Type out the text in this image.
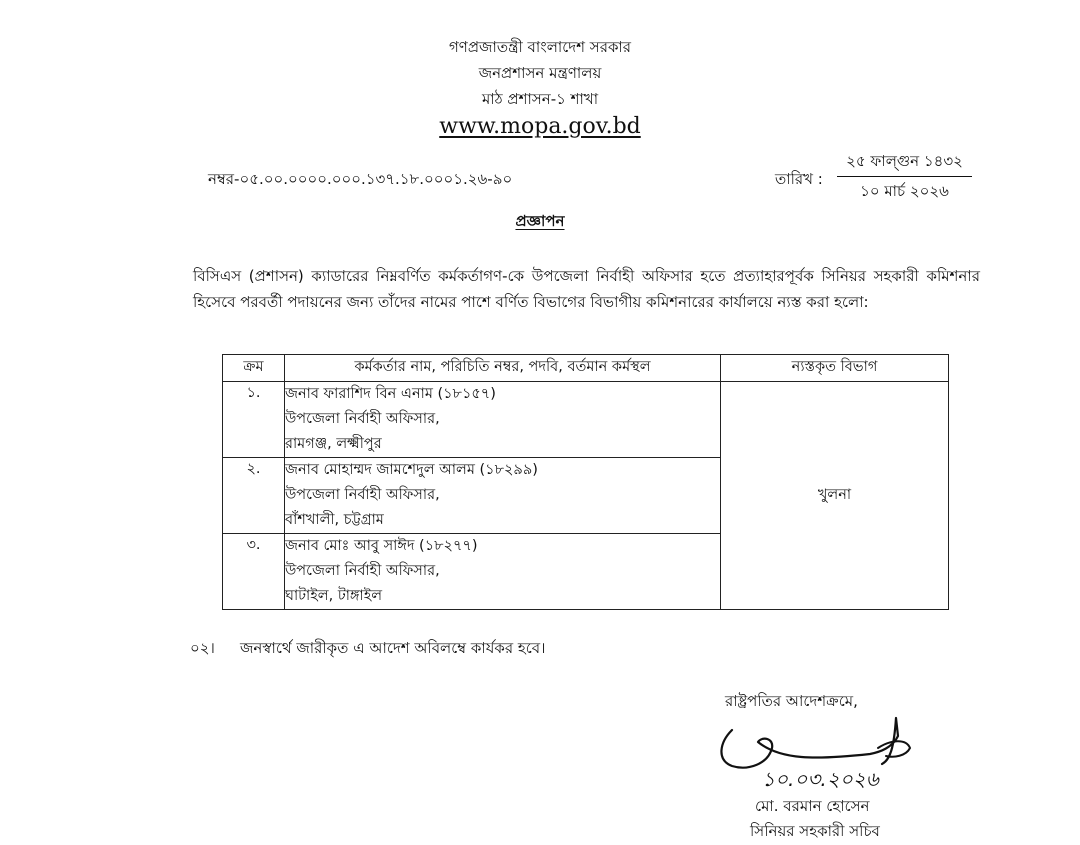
গণপ্রজাতন্ত্রী বাংলাদেশ সরকার
জনপ্রশাসন মন্ত্রণালয়
মাঠ প্রশাসন-১ শাখা
www.mopa.gov.bd
নম্বর-০৫.০০.০০০০.০০০.১৩৭.১৮.০০০১.২৬-৯০	তারিখ :
২৫ ফাল্গুন ১৪৩২
১০ মার্চ ২০২৬
প্রজ্ঞাপন
বিসিএস (প্রশাসন) ক্যাডারের নিম্নবর্ণিত কর্মকর্তাগণ-কে উপজেলা নির্বাহী অফিসার হতে প্রত্যাহারপূর্বক সিনিয়র সহকারী কমিশনার হিসেবে পরবর্তী পদায়নের জন্য তাঁদের নামের পাশে বর্ণিত বিভাগের বিভাগীয় কমিশনারের কার্যালয়ে ন্যস্ত করা হলো:
ক্রম	কর্মকর্তার নাম, পরিচিতি নম্বর, পদবি, বর্তমান কর্মস্থল	ন্যস্তকৃত বিভাগ
১.	জনাব ফারাশিদ বিন এনাম (১৮১৫৭)
উপজেলা নির্বাহী অফিসার,
রামগঞ্জ, লক্ষ্মীপুর	খুলনা
২.	জনাব মোহাম্মদ জামশেদুল আলম (১৮২৯৯)
উপজেলা নির্বাহী অফিসার,
বাঁশখালী, চট্টগ্রাম	

৩.	জনাব মোঃ আবু সাঈদ (১৮২৭৭)
উপজেলা নির্বাহী অফিসার,
ঘাটাইল, টাঙ্গাইল	
০২। জনস্বার্থে জারীকৃত এ আদেশ অবিলম্বে কার্যকর হবে।
রাষ্ট্রপতির আদেশক্রমে,
১০.০৩.২০২৬
মো. বরমান হোসেন
সিনিয়র সহকারী সচিব
